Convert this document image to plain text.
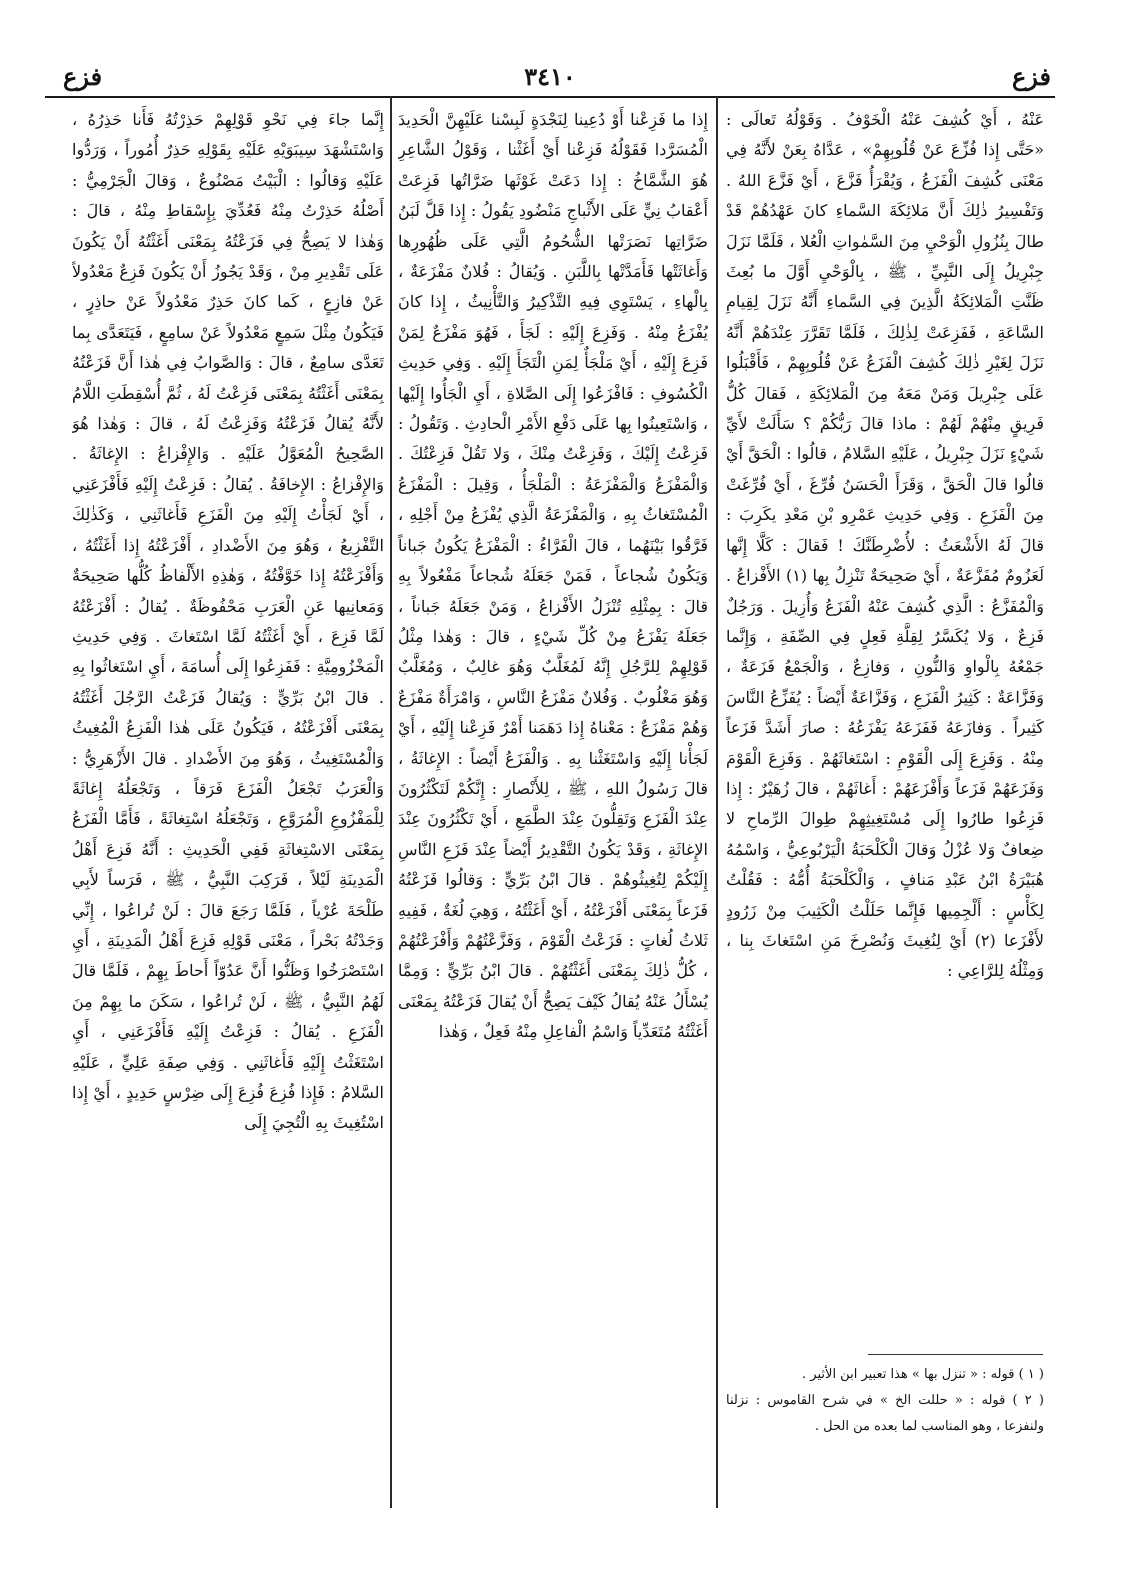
فزع
٣٤١٠
فزع

عَنْهُ ، أَيْ كُشِفَ عَنْهُ الْخَوْفُ . وَقَوْلُهُ تَعالَى : «حَتَّى إِذا فُزِّعَ عَنْ قُلُوبِهِمْ» ، عَدَّاهُ بِعَنْ لأَنَّهُ فِي مَعْنَى كُشِفَ الْفَزَعُ ، وَيُقْرَأُ فَزَّعَ ، أَيْ فَزَّعَ اللهُ . وَتَفْسِيرُ ذٰلِكَ أَنَّ مَلائِكَةَ السَّماءِ كانَ عَهْدُهُمْ قَدْ طالَ بِنُزُولِ الْوَحْيِ مِنَ السَّمٰواتِ الْعُلا ، فَلَمَّا نَزَلَ جِبْرِيلُ إِلَى النَّبِيِّ ، ﷺ ، بِالْوَحْيِ أَوَّلَ ما بُعِثَ ظَنَّتِ الْمَلائِكَةُ الَّذِينَ فِي السَّماءِ أَنَّهُ نَزَلَ لِقِيامِ السَّاعَةِ ، فَفَزِعَتْ لِذٰلِكَ ، فَلَمَّا تَقَرَّرَ عِنْدَهُمْ أَنَّهُ نَزَلَ لِغَيْرِ ذٰلِكَ كُشِفَ الْفَزَعُ عَنْ قُلُوبِهِمْ ، فَأَقْبَلُوا عَلَى جِبْرِيلَ وَمَنْ مَعَهُ مِنَ الْمَلائِكَةِ ، فَقالَ كُلُّ فَرِيقٍ مِنْهُمْ لَهُمْ : ماذا قالَ رَبُّكُمْ ؟ سَأَلَتْ لأَيِّ شَيْءٍ نَزَلَ جِبْرِيلُ ، عَلَيْهِ السَّلامُ ، قالُوا : الْحَقَّ أَيْ قالُوا قالَ الْحَقَّ ، وَقَرَأَ الْحَسَنُ فُرِّغَ ، أَيْ فُرِّغَتْ مِنَ الْفَزَعِ . وَفِي حَدِيثِ عَمْرِو بْنِ مَعْدِ يكَرِبَ : قالَ لَهُ الأَشْعَثُ : لأُضْرِطَنَّكَ ! فَقالَ : كَلَّا إِنَّها لَعَزُومٌ مُفَزَّعَةٌ ، أَيْ صَحِيحَةٌ تَنْزِلُ بِها (١) الأَفْزاعُ . وَالْمُفَزَّعُ : الَّذِي كُشِفَ عَنْهُ الْفَزَعُ وَأُزِيلَ . وَرَجُلٌ فَزِعٌ ، وَلا يُكَسَّرُ لِقِلَّةِ فَعِلٍ فِي الصِّفَةِ ، وَإِنَّما جَمْعُهُ بِالْواوِ وَالنُّونِ ، وَفازِعٌ ، وَالْجَمْعُ فَزَعَةٌ ، وَفَزَّاعَةٌ : كَثِيرُ الْفَزَعِ ، وَفَزَّاعَةٌ أَيْضاً : يُفَزِّعُ النَّاسَ كَثِيراً . وَفازَعَهُ فَفَزَعَهُ يَفْزَعُهُ : صارَ أَشَدَّ فَزَعاً مِنْهُ . وَفَزِعَ إِلَى الْقَوْمِ : اسْتَغاثَهُمْ . وَفَزِعَ الْقَوْمَ وَفَزَعَهُمْ فَزَعاً وَأَفْزَعَهُمْ : أَغاثَهُمْ ، قالَ زُهَيْرٌ : إِذا فَزِعُوا طارُوا إِلَى مُسْتَغِيثِهِمْ طِوالَ الرِّماحِ لا ضِعافٌ وَلا عُزْلُ وَقالَ الْكَلْحَبَةُ الْيَرْبُوعِيُّ ، وَاسْمُهُ هُبَيْرَةُ ابْنُ عَبْدِ مَنافٍ ، وَالْكَلْحَبَةُ أُمُّهُ : فَقُلْتُ لِكَأْسٍ : أَلْجِمِيها فَإِنَّما حَلَلْتُ الْكَثِيبَ مِنْ زَرُودٍ لأَفْزَعا (٢) أَيْ لِنُغِيثَ وَنُصْرِخَ مَنِ اسْتَغاثَ بِنا ، وَمِثْلُهُ لِلرَّاعِي :

إِذا ما فَزِعْنا أَوْ دُعِينا لِنَجْدَةٍ لَبِسْنا عَلَيْهِنَّ الْحَدِيدَ الْمُسَرَّدا فَقَوْلُهُ فَزِعْنا أَيْ أَغَثْنا ، وَقَوْلُ الشَّاعِرِ هُوَ الشَّمَّاخُ : إِذا دَعَتْ غَوْثَها ضَرَّاتُها فَزِعَتْ أَعْقابُ نِيٍّ عَلَى الأَثْباجِ مَنْضُودِ يَقُولُ : إِذا قَلَّ لَبَنُ ضَرَّاتِها نَصَرَتْها الشُّحُومُ الَّتِي عَلَى ظُهُورِها وَأَغاثَتْها فَأَمَدَّتْها بِاللَّبَنِ . وَيُقالُ : فُلانٌ مَفْزَعَةٌ ، بِالْهاءِ ، يَسْتَوِي فِيهِ التَّذْكِيرُ وَالتَّأْنِيثُ ، إِذا كانَ يُفْزَعُ مِنْهُ . وَفَزِعَ إِلَيْهِ : لَجَأَ ، فَهُوَ مَفْزَعٌ لِمَنْ فَزِعَ إِلَيْهِ ، أَيْ مَلْجَأٌ لِمَنِ الْتَجَأَ إِلَيْهِ . وَفِي حَدِيثِ الْكُسُوفِ : فَافْزَعُوا إِلَى الصَّلاةِ ، أَيِ الْجَأُوا إِلَيْها ، وَاسْتَعِينُوا بِها عَلَى دَفْعِ الأَمْرِ الْحادِثِ . وَتَقُولُ : فَزِعْتُ إِلَيْكَ ، وَفَزِعْتُ مِنْكَ ، وَلا تَقُلْ فَزِعْتُكَ . وَالْمَفْزَعُ وَالْمَفْزَعَةُ : الْمَلْجَأُ ، وَقِيلَ : الْمَفْزَعُ الْمُسْتَغاثُ بِهِ ، وَالْمَفْزَعَةُ الَّذِي يُفْزَعُ مِنْ أَجْلِهِ ، فَرَّقُوا بَيْنَهُما ، قالَ الْفَرَّاءُ : الْمَفْزَعُ يَكُونُ جَباناً وَيَكُونُ شُجاعاً ، فَمَنْ جَعَلَهُ شُجاعاً مَفْعُولاً بِهِ قالَ : بِمِثْلِهِ تُنْزَلُ الأَفْزاعُ ، وَمَنْ جَعَلَهُ جَباناً ، جَعَلَهُ يَفْزَعُ مِنْ كُلِّ شَيْءٍ ، قالَ : وَهٰذا مِثْلُ قَوْلِهِمْ لِلرَّجُلِ إِنَّهُ لَمُغَلَّبٌ وَهُوَ غالِبٌ ، وَمُغَلَّبٌ وَهُوَ مَغْلُوبٌ . وَفُلانٌ مَفْزَعُ النَّاسِ ، وَامْرَأَةٌ مَفْزَعٌ وَهُمْ مَفْزَعٌ : مَعْناهُ إِذا دَهَمَنا أَمْرٌ فَزِعْنا إِلَيْهِ ، أَيْ لَجَأْنا إِلَيْهِ وَاسْتَغَثْنا بِهِ . وَالْفَزَعُ أَيْضاً : الإِغاثَةُ ، قالَ رَسُولُ اللهِ ، ﷺ ، لِلأَنْصارِ : إِنَّكُمْ لَتَكْثُرُونَ عِنْدَ الْفَزَعِ وَتَقِلُّونَ عِنْدَ الطَّمَعِ ، أَيْ تَكْثُرُونَ عِنْدَ الإِغاثَةِ ، وَقَدْ يَكُونُ التَّقْدِيرُ أَيْضاً عِنْدَ فَزَعِ النَّاسِ إِلَيْكُمْ لِتُغِيثُوهُمْ . قالَ ابْنُ بَرِّيٍّ : وَقالُوا فَزَعْتُهُ فَزَعاً بِمَعْنَى أَفْزَعْتُهُ ، أَيْ أَغَثْتُهُ ، وَهِيَ لُغَةٌ ، فَفِيهِ ثَلاثُ لُغاتٍ : فَزَعْتُ الْقَوْمَ ، وَفَزَّعْتُهُمْ وَأَفْزَعْتُهُمْ ، كُلُّ ذٰلِكَ بِمَعْنَى أَغَثْتُهُمْ . قالَ ابْنُ بَرِّيٍّ : وَمِمَّا يُسْأَلُ عَنْهُ يُقالُ كَيْفَ يَصِحُّ أَنْ يُقالَ فَزَعْتُهُ بِمَعْنَى أَغَثْتُهُ مُتَعَدِّياً وَاسْمُ الْفاعِلِ مِنْهُ فَعِلٌ ، وَهٰذا

إِنَّما جاءَ فِي نَحْوِ قَوْلِهِمْ حَذِرْتُهُ فَأَنا حَذِرُهُ ، وَاسْتَشْهَدَ سِيبَوَيْهِ عَلَيْهِ بِقَوْلِهِ حَذِرٌ أُمُوراً ، وَرَدُّوا عَلَيْهِ وَقالُوا : الْبَيْتُ مَصْنُوعٌ ، وَقالَ الْجَرْمِيُّ : أَصْلُهُ حَذِرْتُ مِنْهُ فَعُدِّيَ بِإِسْقاطِ مِنْهُ ، قالَ : وَهٰذا لا يَصِحُّ فِي فَزَعْتُهُ بِمَعْنَى أَغَثْتُهُ أَنْ يَكُونَ عَلَى تَقْدِيرِ مِنْ ، وَقَدْ يَجُوزُ أَنْ يَكُونَ فَزِعٌ مَعْدُولاً عَنْ فازِعٍ ، كَما كانَ حَذِرٌ مَعْدُولاً عَنْ حاذِرٍ ، فَيَكُونُ مِثْلَ سَمِعٍ مَعْدُولاً عَنْ سامِعٍ ، فَيَتَعَدَّى بِما تَعَدَّى سامِعٌ ، قالَ : وَالصَّوابُ فِي هٰذا أَنَّ فَزَعْتُهُ بِمَعْنَى أَغَثْتُهُ بِمَعْنَى فَزِعْتُ لَهُ ، ثُمَّ أُسْقِطَتِ اللَّامُ لأَنَّهُ يُقالُ فَزَعْتُهُ وَفَزِعْتُ لَهُ ، قالَ : وَهٰذا هُوَ الصَّحِيحُ الْمُعَوَّلُ عَلَيْهِ . وَالإِفْزاعُ : الإِغاثَةُ . وَالإِفْزاعُ : الإِخافَةُ . يُقالُ : فَزِعْتُ إِلَيْهِ فَأَفْزَعَنِي ، أَيْ لَجَأْتُ إِلَيْهِ مِنَ الْفَزَعِ فَأَغاثَنِي ، وَكَذٰلِكَ التَّفْزِيعُ ، وَهُوَ مِنَ الأَضْدادِ ، أَفْزَعْتُهُ إِذا أَغَثْتُهُ ، وَأَفْزَعْتُهُ إِذا خَوَّفْتُهُ ، وَهٰذِهِ الأَلْفاظُ كُلُّها صَحِيحَةٌ وَمَعانِيها عَنِ الْعَرَبِ مَحْفُوظَةٌ . يُقالُ : أَفْزَعْتُهُ لَمَّا فَزِعَ ، أَيْ أَغَثْتُهُ لَمَّا اسْتَغاثَ . وَفِي حَدِيثِ الْمَخْزُومِيَّةِ : فَفَزِعُوا إِلَى أُسامَةَ ، أَيِ اسْتَغاثُوا بِهِ . قالَ ابْنُ بَرِّيٍّ : وَيُقالُ فَزَعْتُ الرَّجُلَ أَغَثْتُهُ بِمَعْنَى أَفْزَعْتُهُ ، فَيَكُونُ عَلَى هٰذا الْفَزِعُ الْمُغِيثُ وَالْمُسْتَغِيثُ ، وَهُوَ مِنَ الأَضْدادِ . قالَ الأَزْهَرِيُّ : وَالْعَرَبُ تَجْعَلُ الْفَزَعَ فَرَقاً ، وَتَجْعَلُهُ إِغاثَةً لِلْمَفْزُوعِ الْمُرَوَّعِ ، وَتَجْعَلُهُ اسْتِغاثَةً ، فَأَمَّا الْفَزَعُ بِمَعْنَى الاسْتِغاثَةِ فَفِي الْحَدِيثِ : أَنَّهُ فَزِعَ أَهْلُ الْمَدِينَةِ لَيْلاً ، فَرَكِبَ النَّبِيُّ ، ﷺ ، فَرَساً لأَبِي طَلْحَةَ عُرْياً ، فَلَمَّا رَجَعَ قالَ : لَنْ تُراعُوا ، إِنِّي وَجَدْتُهُ بَحْراً ، مَعْنَى قَوْلِهِ فَزِعَ أَهْلُ الْمَدِينَةِ ، أَيِ اسْتَصْرَخُوا وَظَنُّوا أَنَّ عَدُوّاً أَحاطَ بِهِمْ ، فَلَمَّا قالَ لَهُمُ النَّبِيُّ ، ﷺ ، لَنْ تُراعُوا ، سَكَنَ ما بِهِمْ مِنَ الْفَزَعِ . يُقالُ : فَزِعْتُ إِلَيْهِ فَأَفْزَعَنِي ، أَيِ اسْتَغَثْتُ إِلَيْهِ فَأَغاثَنِي . وَفِي صِفَةِ عَلِيٍّ ، عَلَيْهِ السَّلامُ : فَإِذا فُزِعَ فُزِعَ إِلَى ضِرْسٍ حَدِيدٍ ، أَيْ إِذا اسْتُغِيثَ بِهِ الْتُجِيَ إِلَى

( ١ ) قوله : « تنزل بها » هذا تعبير ابن الأثير .

( ٢ ) قوله : « حللت الخ » في شرح القاموس : نزلنا ولنفزعا ، وهو المناسب لما بعده من الحل .
